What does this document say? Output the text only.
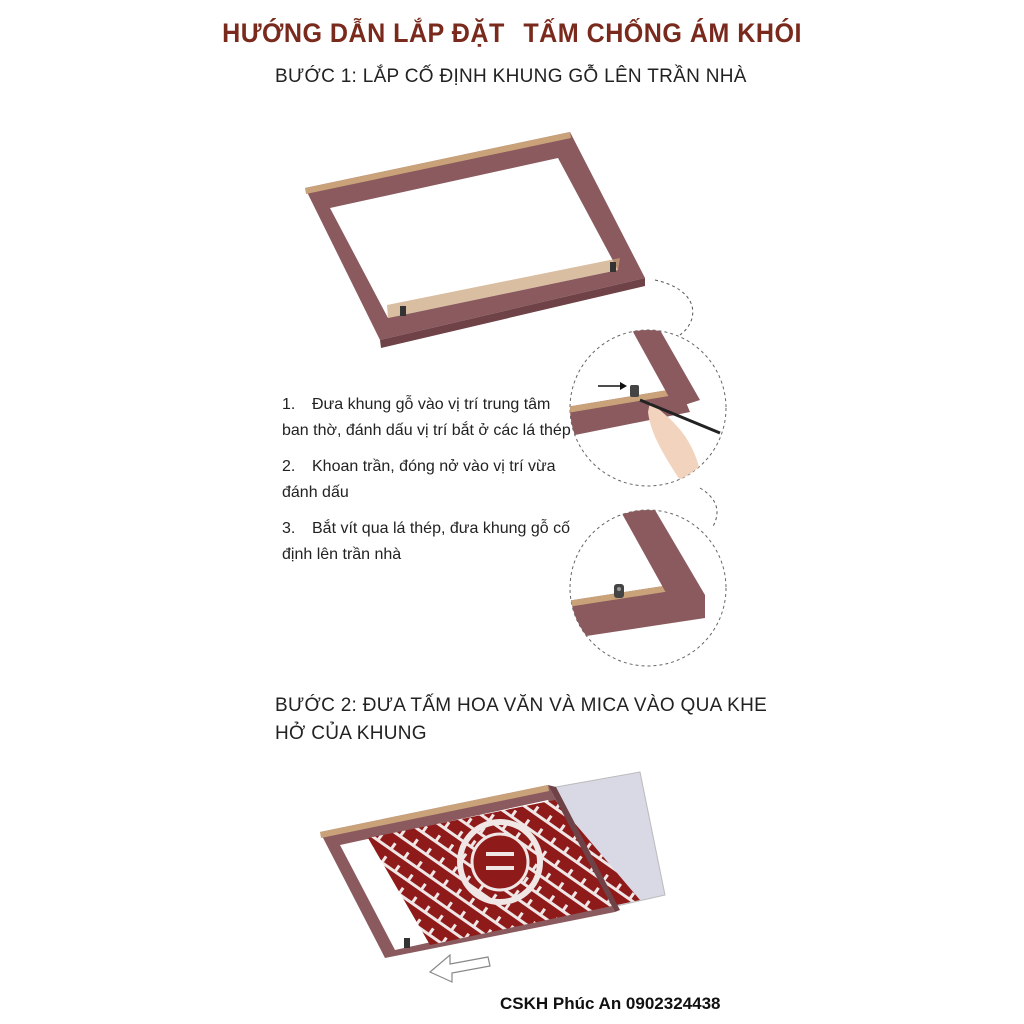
HƯỚNG DẪN LẮP ĐẶT TẤM CHỐNG ÁM KHÓI
BƯỚC 1: LẮP CỐ ĐỊNH KHUNG GỖ LÊN TRẦN NHÀ
1. Đưa khung gỗ vào vị trí trung tâm ban thờ, đánh dấu vị trí bắt ở các lá thép
2. Khoan trần, đóng nở vào vị trí vừa đánh dấu
3. Bắt vít qua lá thép, đưa khung gỗ cố định lên trần nhà
BƯỚC 2: ĐƯA TẤM HOA VĂN VÀ MICA VÀO QUA KHE HỞ CỦA KHUNG
CSKH Phúc An 0902324438
